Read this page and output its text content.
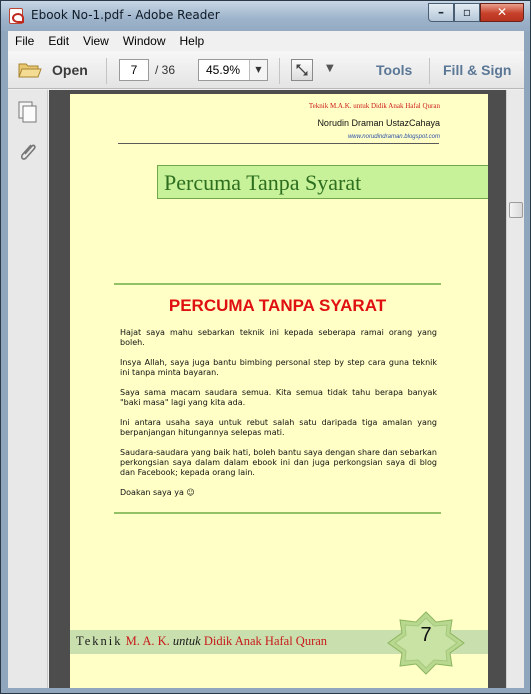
Ebook No-1.pdf - Adobe Reader	–	▫	✕
File	Edit	View	Window	Help
Open	7	/ 36	45.9%	▼	▼	Tools Fill & Sign
Teknik M.A.K. untuk Didik Anak Hafal Quran
Norudin Draman UstazCahaya
www.norudindraman.blogspot.com
Percuma Tanpa Syarat
PERCUMA TANPA SYARAT

Hajat saya mahu sebarkan teknik ini kepada seberapa ramai orang yang boleh.

Insya Allah, saya juga bantu bimbing personal step by step cara guna teknik ini tanpa minta bayaran.

Saya sama macam saudara semua. Kita semua tidak tahu berapa banyak "baki masa" lagi yang kita ada.

Ini antara usaha saya untuk rebut salah satu daripada tiga amalan yang berpanjangan hitungannya selepas mati.

Saudara-saudara yang baik hati, boleh bantu saya dengan share dan sebarkan perkongsian saya dalam dalam ebook ini dan juga perkongsian saya di blog dan Facebook; kepada orang lain.

Doakan saya ya ☺

Teknik M. A. K. untuk Didik Anak Hafal Quran	7
